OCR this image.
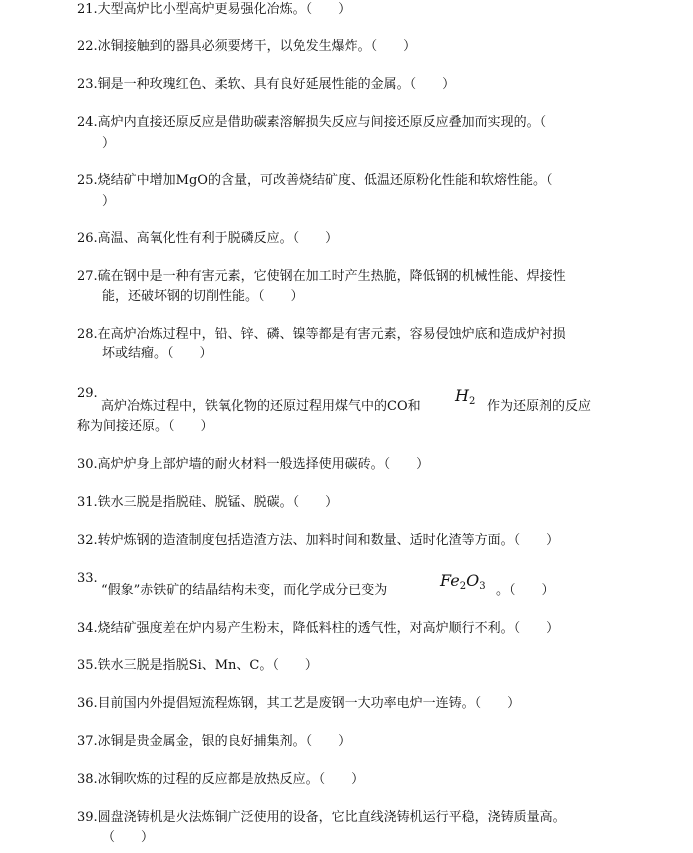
21.大型高炉比小型高炉更易强化冶炼。（　　）
22.冰铜接触到的器具必须要烤干，以免发生爆炸。（　　）
23.铜是一种玫瑰红色、柔软、具有良好延展性能的金属。（　　）
24.高炉内直接还原反应是借助碳素溶解损失反应与间接还原反应叠加而实现的。（
）
25.烧结矿中增加MgO的含量，可改善烧结矿度、低温还原粉化性能和软熔性能。（
）
26.高温、高氧化性有利于脱磷反应。（　　）
27.硫在钢中是一种有害元素，它使钢在加工时产生热脆，降低钢的机械性能、焊接性
能，还破坏钢的切削性能。（　　）
28.在高炉冶炼过程中，铅、锌、磷、镍等都是有害元素，容易侵蚀炉底和造成炉衬损
坏或结瘤。（　　）
29.
高炉冶炼过程中，铁氧化物的还原过程用煤气中的CO和
$H_2$ 作为还原剂的反应
称为间接还原。（　　）
30.高炉炉身上部炉墙的耐火材料一般选择使用碳砖。（　　）
31.铁水三脱是指脱硅、脱锰、脱碳。（　　）
32.转炉炼钢的造渣制度包括造渣方法、加料时间和数量、适时化渣等方面。（　　）
33.
“假象”赤铁矿的结晶结构未变，而化学成分已变为
$Fe_2O_3$ 。（　　）
34.烧结矿强度差在炉内易产生粉末，降低料柱的透气性，对高炉顺行不利。（　　）
35.铁水三脱是指脱Si、Mn、C。（　　）
36.目前国内外提倡短流程炼钢，其工艺是废钢一大功率电炉一连铸。（　　）
37.冰铜是贵金属金，银的良好捕集剂。（　　）
38.冰铜吹炼的过程的反应都是放热反应。（　　）
39.圆盘浇铸机是火法炼铜广泛使用的设备，它比直线浇铸机运行平稳，浇铸质量高。
（　　）
